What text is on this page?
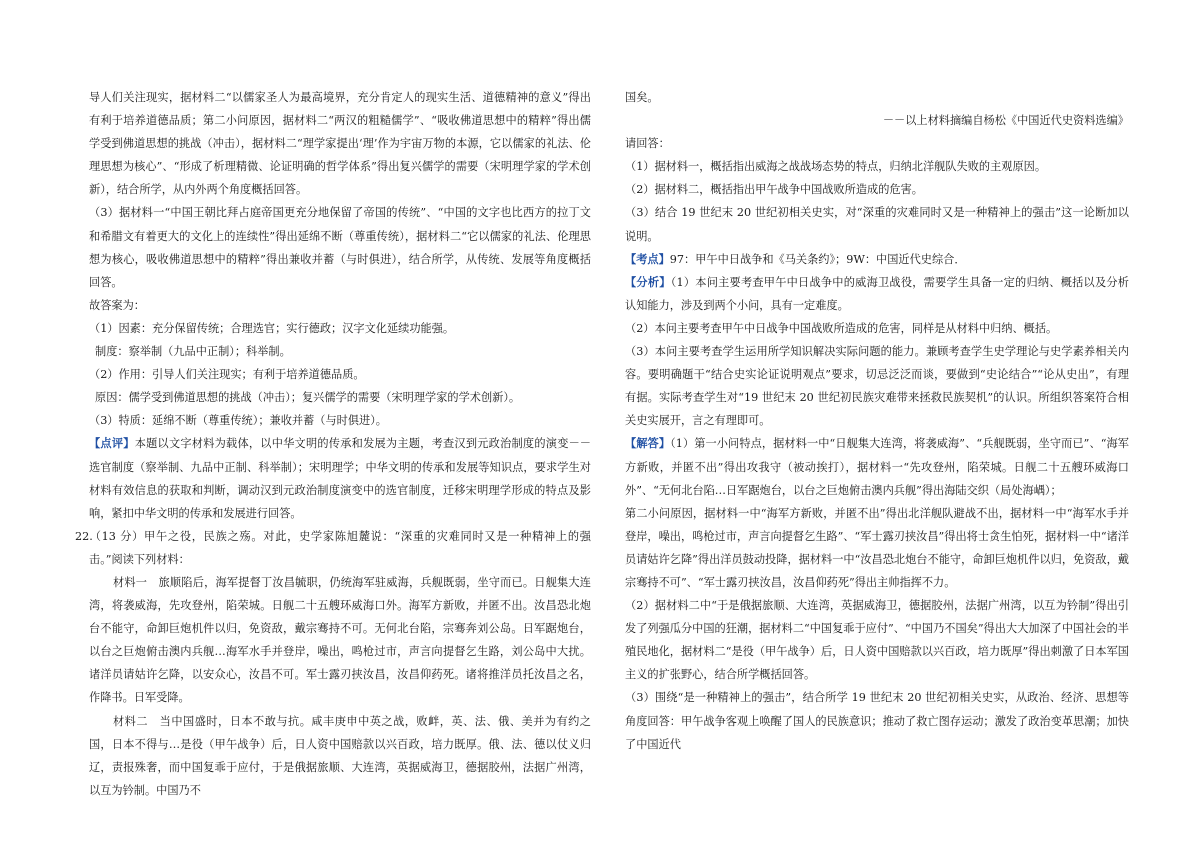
导人们关注现实，据材料二“以儒家圣人为最高境界，充分肯定人的现实生活、道德精神的意义”得出有利于培养道德品质；第二小问原因，据材料二“两汉的粗糙儒学”、“吸收佛道思想中的精粹”得出儒学受到佛道思想的挑战（冲击），据材料二“理学家提出‘理’作为宇宙万物的本源，它以儒家的礼法、伦理思想为核心”、“形成了析理精微、论证明确的哲学体系”得出复兴儒学的需要（宋明理学家的学术创新），结合所学，从内外两个角度概括回答。

（3）据材料一“中国王朝比拜占庭帝国更充分地保留了帝国的传统”、“中国的文字也比西方的拉丁文和希腊文有着更大的文化上的连续性”得出延绵不断（尊重传统），据材料二“它以儒家的礼法、伦理思想为核心，吸收佛道思想中的精粹”得出兼收并蓄（与时俱进），结合所学，从传统、发展等角度概括回答。

故答案为：

（1）因素：充分保留传统；合理选官；实行德政；汉字文化延续功能强。

制度：察举制（九品中正制）；科举制。

（2）作用：引导人们关注现实；有利于培养道德品质。

原因：儒学受到佛道思想的挑战（冲击）；复兴儒学的需要（宋明理学家的学术创新）。

（3）特质：延绵不断（尊重传统）；兼收并蓄（与时俱进）。

【点评】本题以文字材料为载体，以中华文明的传承和发展为主题，考查汉到元政治制度的演变－－选官制度（察举制、九品中正制、科举制）；宋明理学；中华文明的传承和发展等知识点，要求学生对材料有效信息的获取和判断，调动汉到元政治制度演变中的选官制度，迁移宋明理学形成的特点及影响，紧扣中华文明的传承和发展进行回答。

22.（13 分）甲午之役，民族之殇。对此，史学家陈旭麓说：“深重的灾难同时又是一种精神上的强击。”阅读下列材料：

材料一　旅顺陷后，海军提督丁汝昌毓职，仍统海军驻威海，兵舰既弱，坐守而已。日舰集大连湾，将袭威海，先攻登州，陷荣城。日舰二十五艘环威海口外。海军方新败，并匿不出。汝昌恐北炮台不能守，命卸巨炮机件以归，免资敌，戴宗骞持不可。无何北台陷，宗骞奔刘公岛。日军踞炮台，以台之巨炮俯击澳内兵舰…海军水手并登岸，噪出，鸣枪过市，声言向提督乞生路，刘公岛中大扰。诸洋员请姑许乞降，以安众心，汝昌不可。军士露刃挟汝昌，汝昌仰药死。诸将推洋员托汝昌之名，作降书。日军受降。

材料二　当中国盛时，日本不敢与抗。咸丰庚申中英之战，败衅，英、法、俄、美并为有约之国，日本不得与…是役（甲午战争）后，日人资中国赔款以兴百政，培力既厚。俄、法、德以仗义归辽，责报殊奢，而中国复乖于应付，于是俄据旅顺、大连湾，英据威海卫，德据胶州，法据广州湾，以互为钤制。中国乃不

国矣。

－－以上材料摘编自杨松《中国近代史资料选编》

请回答：

（1）据材料一，概括指出威海之战战场态势的特点，归纳北洋舰队失败的主观原因。

（2）据材料二，概括指出甲午战争中国战败所造成的危害。

（3）结合 19 世纪末 20 世纪初相关史实，对“深重的灾难同时又是一种精神上的强击”这一论断加以说明。

【考点】97：甲午中日战争和《马关条约》；9W：中国近代史综合．

【分析】（1）本问主要考查甲午中日战争中的威海卫战役，需要学生具备一定的归纳、概括以及分析认知能力，涉及到两个小问，具有一定难度。

（2）本问主要考查甲午中日战争中国战败所造成的危害，同样是从材料中归纳、概括。

（3）本问主要考查学生运用所学知识解决实际问题的能力。兼顾考查学生史学理论与史学素养相关内容。要明确题干“结合史实论证说明观点”要求，切忌泛泛而谈，要做到“史论结合”“论从史出”，有理有据。实际考查学生对“19 世纪末 20 世纪初民族灾难带来拯救民族契机”的认识。所组织答案符合相关史实展开，言之有理即可。

【解答】（1）第一小问特点，据材料一中“日舰集大连湾，将袭威海”、“兵舰既弱，坐守而已”、“海军方新败，并匿不出”得出攻我守（被动挨打），据材料一“先攻登州，陷荣城。日舰二十五艘环威海口外”、“无何北台陷…日军踞炮台，以台之巨炮俯击澳内兵舰”得出海陆交织（局处海嵎）；

第二小问原因，据材料一中“海军方新败，并匿不出”得出北洋舰队避战不出，据材料一中“海军水手并登岸，噪出，鸣枪过市，声言向提督乞生路”、“军士露刃挟汝昌”得出将士贪生怕死，据材料一中“诸洋员请姑许乞降”得出洋员鼓动投降，据材料一中“汝昌恐北炮台不能守，命卸巨炮机件以归，免资敌，戴宗骞持不可”、“军士露刃挟汝昌，汝昌仰药死”得出主帅指挥不力。

（2）据材料二中“于是俄据旅顺、大连湾，英据威海卫，德据胶州，法据广州湾，以互为钤制”得出引发了列强瓜分中国的狂潮，据材料二“中国复乖于应付”、“中国乃不国矣”得出大大加深了中国社会的半殖民地化，据材料二“是役（甲午战争）后，日人资中国赔款以兴百政，培力既厚”得出刺激了日本军国主义的扩张野心，结合所学概括回答。

（3）围绕“是一种精神上的强击”，结合所学 19 世纪末 20 世纪初相关史实，从政治、经济、思想等角度回答：甲午战争客观上唤醒了国人的民族意识；推动了救亡图存运动；激发了政治变革思潮；加快了中国近代
